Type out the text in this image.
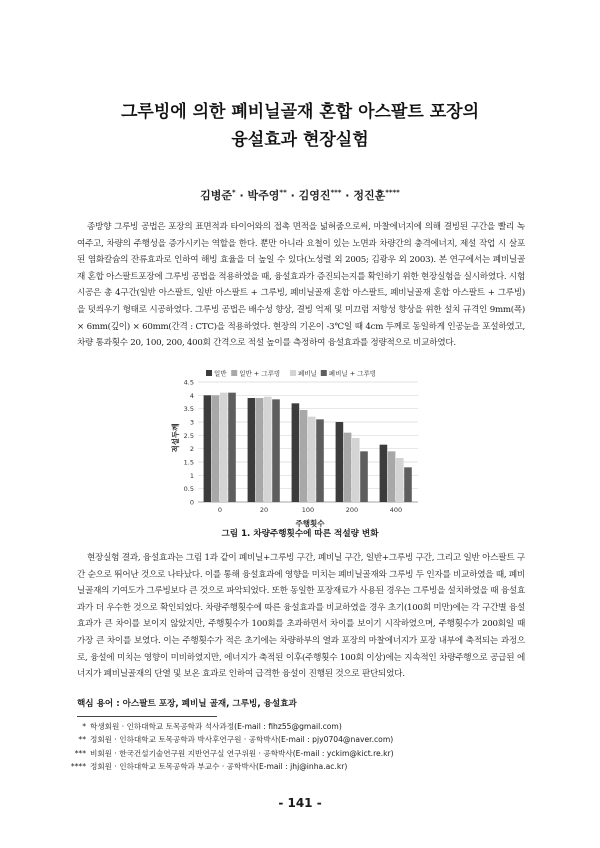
그루빙에 의한 폐비닐골재 혼합 아스팔트 포장의
융설효과 현장실험
김병준* · 박주영** · 김영진*** · 정진훈****

종방향 그루빙 공법은 포장의 표면적과 타이어와의 접촉 면적을 넓혀줌으로써, 마찰에너지에 의해 결빙된 구간을 빨리 녹여주고, 차량의 주행성을 증가시키는 역할을 한다. 뿐만 아니라 요철이 있는 노면과 차량간의 충격에너지, 제설 작업 시 살포된 염화칼슘의 잔류효과로 인하여 해빙 효율을 더 높일 수 있다(노성렬 외 2005; 김광우 외 2003). 본 연구에서는 폐비닐골재 혼합 아스팔트포장에 그루빙 공법을 적용하였을 때, 융설효과가 증진되는지를 확인하기 위한 현장실험을 실시하였다. 시험 시공은 총 4구간(일반 아스팔트, 일반 아스팔트 + 그루빙, 폐비닐골재 혼합 아스팔트, 폐비닐골재 혼합 아스팔트 + 그루빙)을 덧씌우기 형태로 시공하였다. 그루빙 공법은 배수성 향상, 결빙 억제 및 미끄럼 저항성 향상을 위한 설치 규격인 9mm(폭) × 6mm(깊이) × 60mm(간격 : CTC)을 적용하였다. 현장의 기온이 -3℃일 때 4cm 두께로 동일하게 인공눈을 포설하였고, 차량 통과횟수 20, 100, 200, 400회 간격으로 적설 높이를 측정하여 융설효과를 정량적으로 비교하였다.

0
0.5
1
1.5
2
2.5
3
3.5
4
4.5
0	20	100	200	400
일반 일반 + 그루빙	폐비닐 폐비닐 + 그루빙
적설두께
주행횟수
그림 1. 차량주행횟수에 따른 적설량 변화

현장실험 결과, 융설효과는 그림 1과 같이 폐비닐+그루빙 구간, 폐비닐 구간, 일반+그루빙 구간, 그리고 일반 아스팔트 구간 순으로 뛰어난 것으로 나타났다. 이를 통해 융설효과에 영향을 미치는 폐비닐골재와 그루빙 두 인자를 비교하였을 때, 폐비닐골재의 기여도가 그루빙보다 큰 것으로 파악되었다. 또한 동일한 포장재료가 사용된 경우는 그루빙을 설치하였을 때 융설효과가 더 우수한 것으로 확인되었다. 차량주행횟수에 따른 융설효과를 비교하였을 경우 초기(100회 미만)에는 각 구간별 융설효과가 큰 차이를 보이지 않았지만, 주행횟수가 100회를 초과하면서 차이를 보이기 시작하였으며, 주행횟수가 200회일 때 가장 큰 차이를 보였다. 이는 주행횟수가 적은 초기에는 차량하부의 열과 포장의 마찰에너지가 포장 내부에 축적되는 과정으로, 융설에 미치는 영향이 미비하였지만, 에너지가 축적된 이후(주행횟수 100회 이상)에는 지속적인 차량주행으로 공급된 에너지가 폐비닐골재의 단열 및 보온 효과로 인하여 급격한 융설이 진행된 것으로 판단되었다.

핵심 용어 : 아스팔트 포장, 폐비닐 골재, 그루빙, 융설효과
* 학생회원 · 인하대학교 토목공학과 석사과정(E-mail : fihz55@gmail.com)
** 정회원 · 인하대학교 토목공학과 박사후연구원 · 공학박사(E-mail : pjy0704@naver.com)
*** 비회원 · 한국건설기술연구원 지반연구실 연구위원 · 공학박사(E-mail : yckim@kict.re.kr)
**** 정회원 · 인하대학교 토목공학과 부교수 · 공학박사(E-mail : jhj@inha.ac.kr)
- 141 -
